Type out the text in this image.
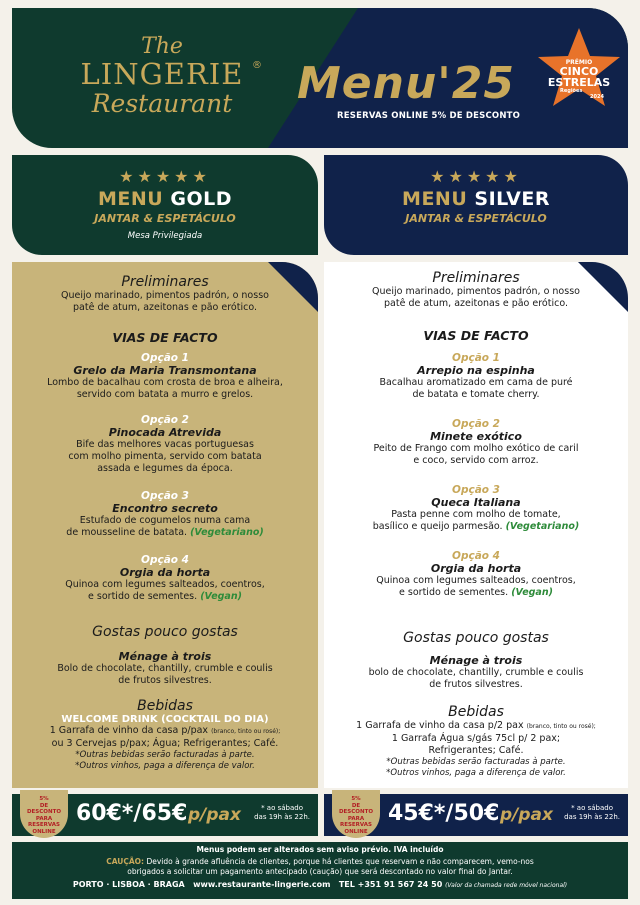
The
LINGERIE
Restaurant
® Menu'25
RESERVAS ONLINE 5% DE DESCONTO
PRÉMIO
CINCO
ESTRELAS
Regiões
2024
★★★★★
MENU GOLD
JANTAR & ESPETÁCULO
Mesa Privilegiada
★★★★★
MENU SILVER
JANTAR & ESPETÁCULO
Preliminares
Queijo marinado, pimentos padrón, o nosso
patê de atum, azeitonas e pão erótico.
VIAS DE FACTO
Opção 1
Grelo da Maria Transmontana
Lombo de bacalhau com crosta de broa e alheira,
servido com batata a murro e grelos.
Opção 2
Pinocada Atrevida
Bife das melhores vacas portuguesas
com molho pimenta, servido com batata
assada e legumes da época.
Opção 3
Encontro secreto
Estufado de cogumelos numa cama
de mousseline de batata. (Vegetariano)
Opção 4
Orgia da horta
Quinoa com legumes salteados, coentros,
e sortido de sementes. (Vegan)
Gostas pouco gostas
Ménage à trois
Bolo de chocolate, chantilly, crumble e coulis
de frutos silvestres.
Bebidas
WELCOME DRINK (COCKTAIL DO DIA)
1 Garrafa de vinho da casa p/pax (branco, tinto ou rosé);
ou 3 Cervejas p/pax; Água; Refrigerantes; Café.
*Outras bebidas serão facturadas à parte.
*Outros vinhos, paga a diferença de valor.
Preliminares
Queijo marinado, pimentos padrón, o nosso
patê de atum, azeitonas e pão erótico.
VIAS DE FACTO
Opção 1
Arrepio na espinha
Bacalhau aromatizado em cama de puré
de batata e tomate cherry.
Opção 2
Minete exótico
Peito de Frango com molho exótico de caril
e coco, servido com arroz.
Opção 3
Queca Italiana
Pasta penne com molho de tomate,
basílico e queijo parmesão. (Vegetariano)
Opção 4
Orgia da horta
Quinoa com legumes salteados, coentros,
e sortido de sementes. (Vegan)
Gostas pouco gostas
Ménage à trois
bolo de chocolate, chantilly, crumble e coulis
de frutos silvestres.
Bebidas
1 Garrafa de vinho da casa p/2 pax (branco, tinto ou rosé);
1 Garrafa Água s/gás 75cl p/ 2 pax;
Refrigerantes; Café.
*Outras bebidas serão facturadas à parte.
*Outros vinhos, paga a diferença de valor.
5%
DE
DESCONTO
PARA
RESERVAS
ONLINE
60€*/65€ p/pax	* ao sábado
das 19h às 22h.
5%
DE
DESCONTO
PARA
RESERVAS
ONLINE
45€*/50€ p/pax	* ao sábado
das 19h às 22h.
Menus podem ser alterados sem aviso prévio. IVA incluído
CAUÇÃO: Devido à grande afluência de clientes, porque há clientes que reservam e não comparecem, vemo-nos
obrigados a solicitar um pagamento antecipado (caução) que será descontado no valor final do Jantar.
PORTO · LISBOA · BRAGA www.restaurante-lingerie.com TEL +351 91 567 24 50 (Valor da chamada rede móvel nacional)
